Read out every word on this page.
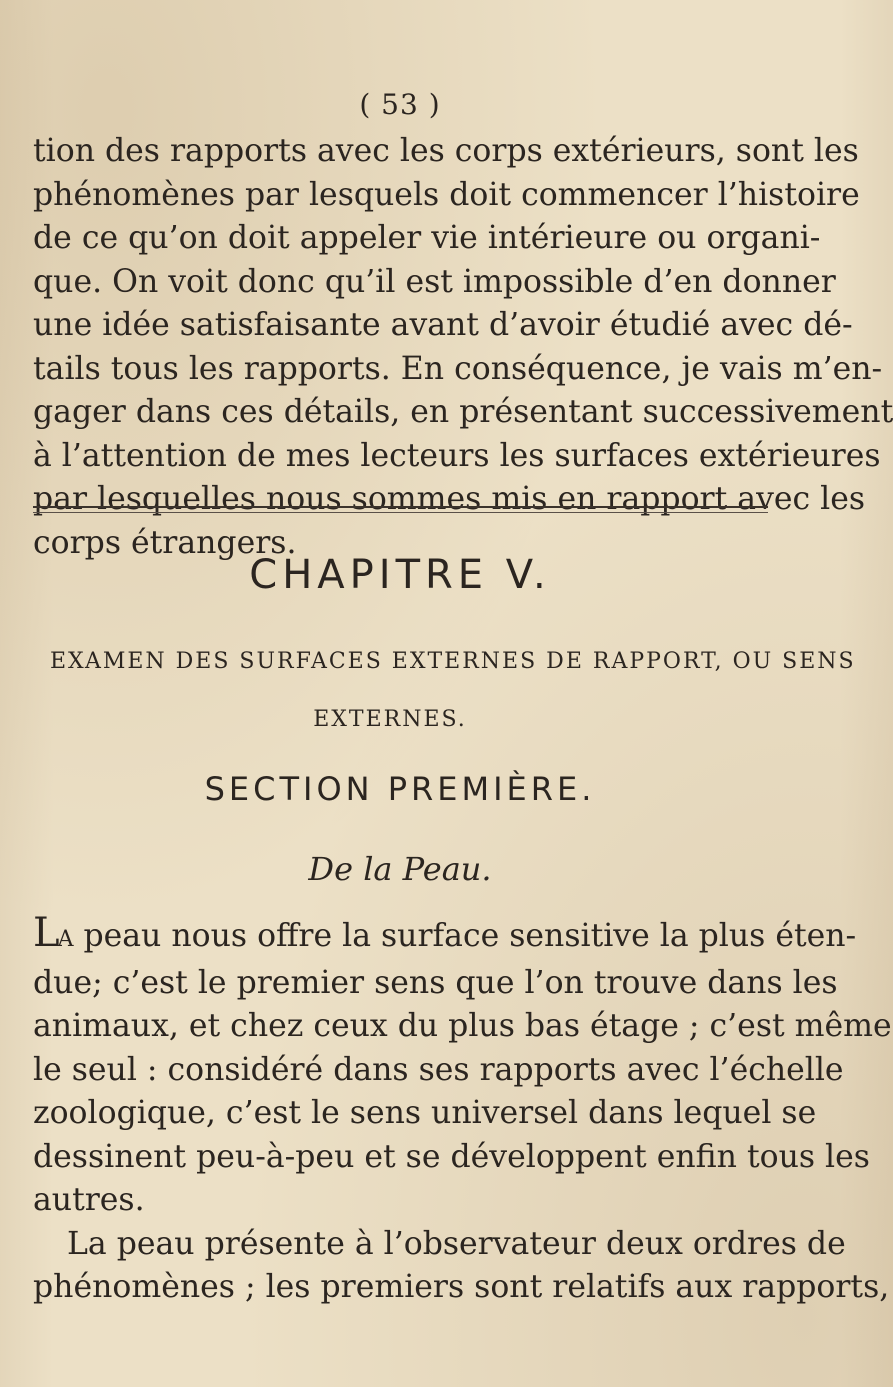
( 53 )
tion des rapports avec les corps extérieurs, sont les
phénomènes par lesquels doit commencer l’histoire
de ce qu’on doit appeler vie intérieure ou organi-
que. On voit donc qu’il est impossible d’en donner
une idée satisfaisante avant d’avoir étudié avec dé-
tails tous les rapports. En conséquence, je vais m’en-
gager dans ces détails, en présentant successivement
à l’attention de mes lecteurs les surfaces extérieures
par lesquelles nous sommes mis en rapport avec les
corps étrangers.
CHAPITRE V.
EXAMEN DES SURFACES EXTERNES DE RAPPORT, OU SENS
EXTERNES.
SECTION PREMIÈRE.
De la Peau.
LA peau nous offre la surface sensitive la plus éten-
due; c’est le premier sens que l’on trouve dans les
animaux, et chez ceux du plus bas étage ; c’est même
le seul : considéré dans ses rapports avec l’échelle
zoologique, c’est le sens universel dans lequel se
dessinent peu-à-peu et se développent enfin tous les
autres.
La peau présente à l’observateur deux ordres de
phénomènes ; les premiers sont relatifs aux rapports,
